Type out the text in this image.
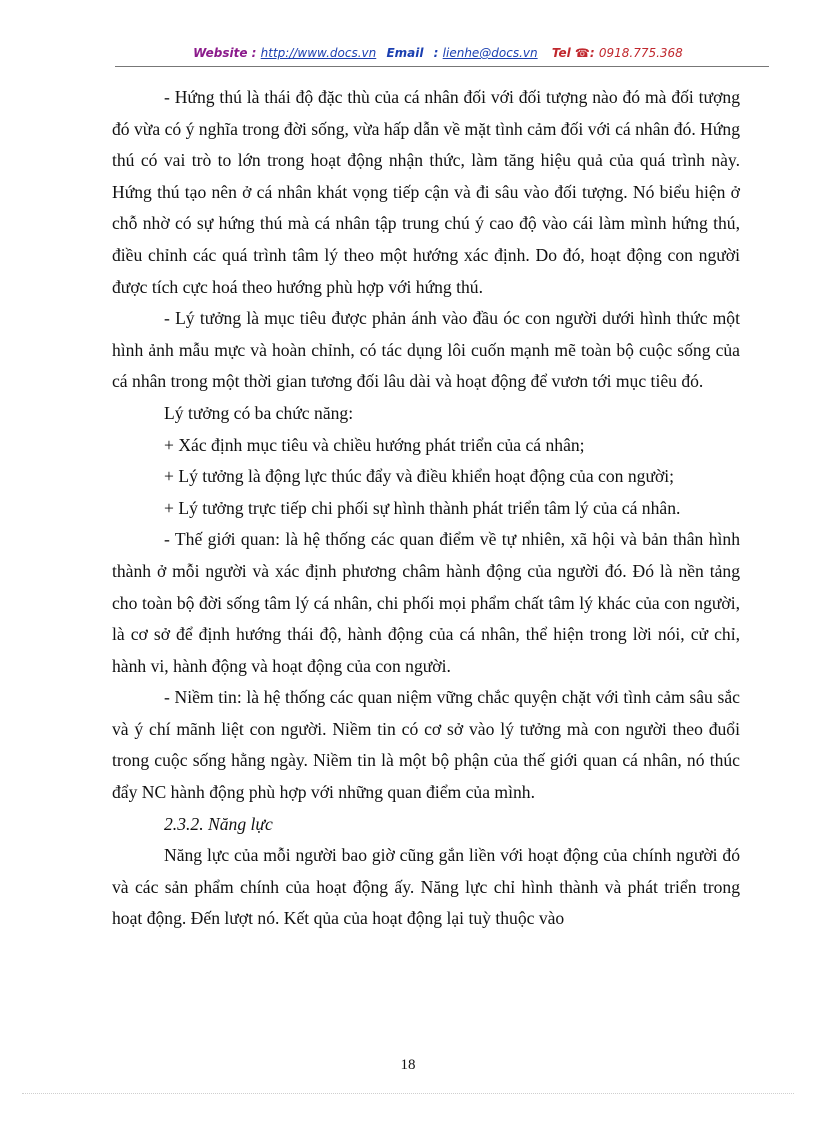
Website : http://www.docs.vn Email : lienhe@docs.vn Tel ☎: 0918.775.368

- Hứng thú là thái độ đặc thù của cá nhân đối với đối tượng nào đó mà đối tượng đó vừa có ý nghĩa trong đời sống, vừa hấp dẫn về mặt tình cảm đối với cá nhân đó. Hứng thú có vai trò to lớn trong hoạt động nhận thức, làm tăng hiệu quả của quá trình này. Hứng thú tạo nên ở cá nhân khát vọng tiếp cận và đi sâu vào đối tượng. Nó biểu hiện ở chỗ nhờ có sự hứng thú mà cá nhân tập trung chú ý cao độ vào cái làm mình hứng thú, điều chỉnh các quá trình tâm lý theo một hướng xác định. Do đó, hoạt động con người được tích cực hoá theo hướng phù hợp với hứng thú.

- Lý tưởng là mục tiêu được phản ánh vào đầu óc con người dưới hình thức một hình ảnh mẫu mực và hoàn chỉnh, có tác dụng lôi cuốn mạnh mẽ toàn bộ cuộc sống của cá nhân trong một thời gian tương đối lâu dài và hoạt động để vươn tới mục tiêu đó.

Lý tưởng có ba chức năng:

+ Xác định mục tiêu và chiều hướng phát triển của cá nhân;

+ Lý tưởng là động lực thúc đẩy và điều khiển hoạt động của con người;

+ Lý tưởng trực tiếp chi phối sự hình thành phát triển tâm lý của cá nhân.

- Thế giới quan: là hệ thống các quan điểm về tự nhiên, xã hội và bản thân hình thành ở mỗi người và xác định phương châm hành động của người đó. Đó là nền tảng cho toàn bộ đời sống tâm lý cá nhân, chi phối mọi phẩm chất tâm lý khác của con người, là cơ sở để định hướng thái độ, hành động của cá nhân, thể hiện trong lời nói, cử chỉ, hành vi, hành động và hoạt động của con người.

- Niềm tin: là hệ thống các quan niệm vững chắc quyện chặt với tình cảm sâu sắc và ý chí mãnh liệt con người. Niềm tin có cơ sở vào lý tưởng mà con người theo đuổi trong cuộc sống hằng ngày. Niềm tin là một bộ phận của thế giới quan cá nhân, nó thúc đẩy NC hành động phù hợp với những quan điểm của mình.

2.3.2. Năng lực

Năng lực của mỗi người bao giờ cũng gắn liền với hoạt động của chính người đó và các sản phẩm chính của hoạt động ấy. Năng lực chỉ hình thành và phát triển trong hoạt động. Đến lượt nó. Kết qủa của hoạt động lại tuỳ thuộc vào

18
